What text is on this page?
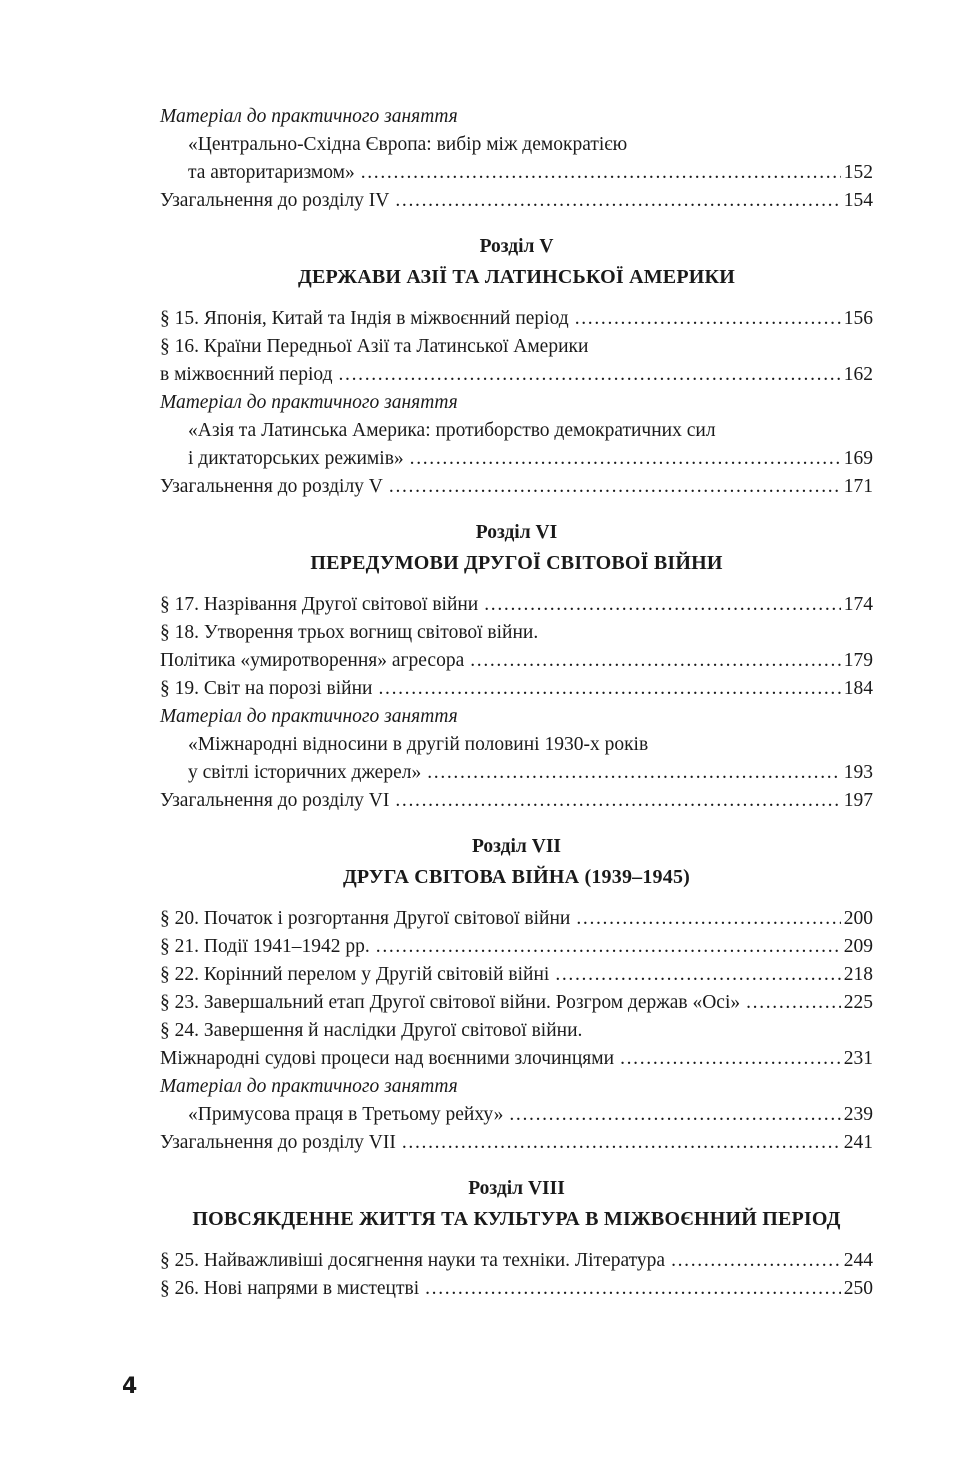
Матеріал до практичного заняття
«Центрально-Східна Європа: вибір між демократією
та авторитаризмом» . . .	152
Узагальнення до розділу IV . . .	154
Розділ V
ДЕРЖАВИ АЗІЇ ТА ЛАТИНСЬКОЇ АМЕРИКИ
§ 15. Японія, Китай та Індія в міжвоєнний період . . .	156
§ 16. Країни Передньої Азії та Латинської Америки
в міжвоєнний період . . .	162
Матеріал до практичного заняття
«Азія та Латинська Америка: протиборство демократичних сил
і диктаторських режимів» . . .	169
Узагальнення до розділу V . . .	171
Розділ VI
ПЕРЕДУМОВИ ДРУГОЇ СВІТОВОЇ ВІЙНИ
§ 17. Назрівання Другої світової війни . . .	174
§ 18. Утворення трьох вогнищ світової війни.
Політика «умиротворення» агресора . . .	179
§ 19. Світ на порозі війни . . .	184
Матеріал до практичного заняття
«Міжнародні відносини в другій половині 1930-х років
у світлі історичних джерел» . . .	193
Узагальнення до розділу VI . . .	197
Розділ VII
ДРУГА СВІТОВА ВІЙНА (1939–1945)
§ 20. Початок і розгортання Другої світової війни . . .	200
§ 21. Події 1941–1942 рр. . . .	209
§ 22. Корінний перелом у Другій світовій війні . . .	218
§ 23. Завершальний етап Другої світової війни. Розгром держав «Осі» . . .	225
§ 24. Завершення й наслідки Другої світової війни.
Міжнародні судові процеси над воєнними злочинцями . . .	231
Матеріал до практичного заняття
«Примусова праця в Третьому рейху» . . .	239
Узагальнення до розділу VII . . .	241
Розділ VIII
ПОВСЯКДЕННЕ ЖИТТЯ ТА КУЛЬТУРА В МІЖВОЄННИЙ ПЕРІОД
§ 25. Найважливіші досягнення науки та техніки. Література . . .	244
§ 26. Нові напрями в мистецтві . . .	250
4
